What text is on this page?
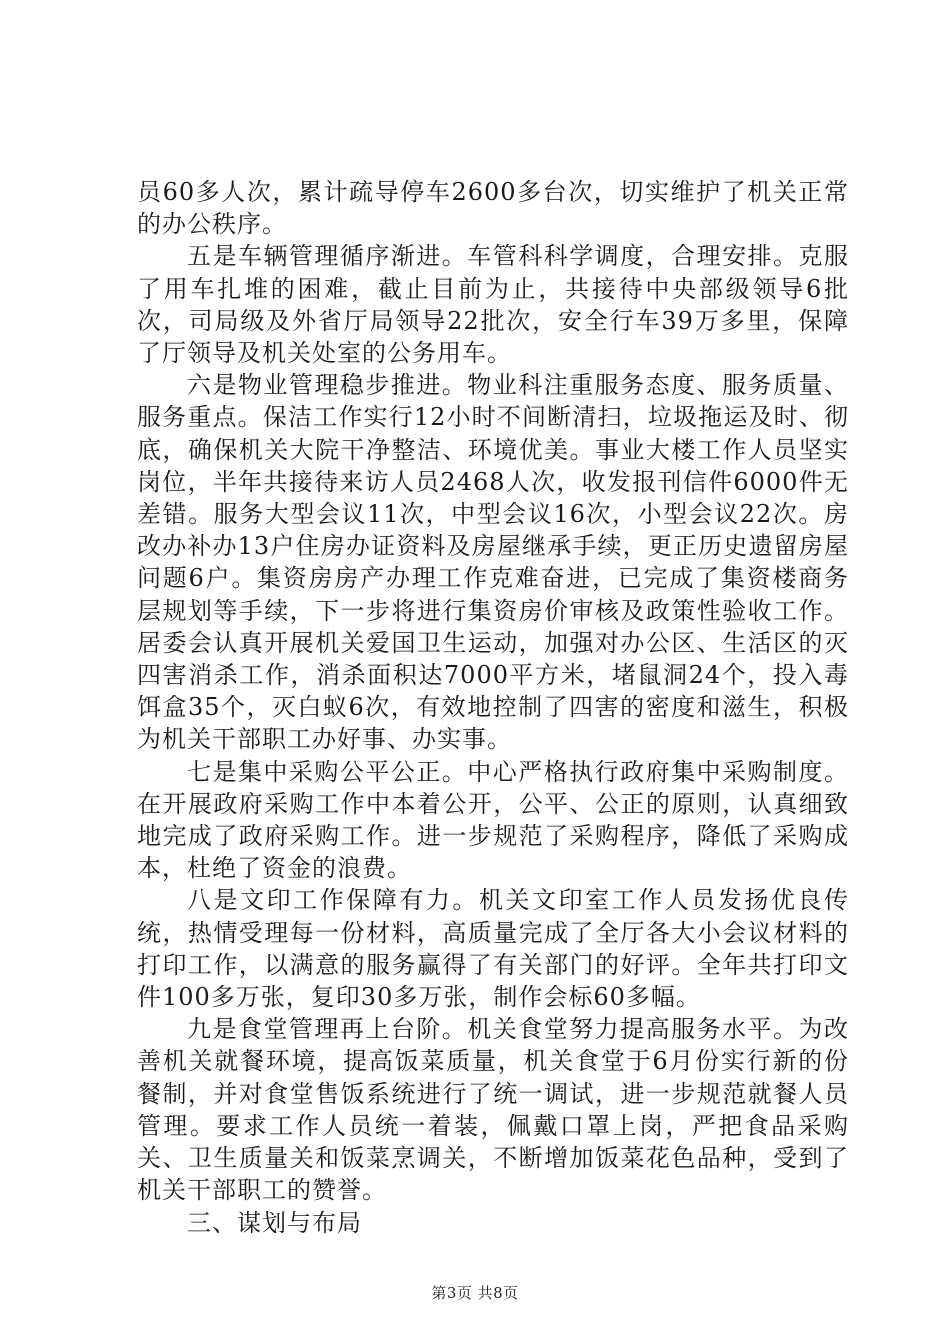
员60多人次，累计疏导停车2600多台次，切实维护了机关正常的办公秩序。

五是车辆管理循序渐进。车管科科学调度，合理安排。克服了用车扎堆的困难，截止目前为止，共接待中央部级领导6批次，司局级及外省厅局领导22批次，安全行车39万多里，保障了厅领导及机关处室的公务用车。

六是物业管理稳步推进。物业科注重服务态度、服务质量、服务重点。保洁工作实行12小时不间断清扫，垃圾拖运及时、彻底，确保机关大院干净整洁、环境优美。事业大楼工作人员坚实岗位，半年共接待来访人员2468人次，收发报刊信件6000件无差错。服务大型会议11次，中型会议16次，小型会议22次。房改办补办13户住房办证资料及房屋继承手续，更正历史遗留房屋问题6户。集资房房产办理工作克难奋进，已完成了集资楼商务层规划等手续，下一步将进行集资房价审核及政策性验收工作。居委会认真开展机关爱国卫生运动，加强对办公区、生活区的灭四害消杀工作，消杀面积达7000平方米，堵鼠洞24个，投入毒饵盒35个，灭白蚁6次，有效地控制了四害的密度和滋生，积极为机关干部职工办好事、办实事。

七是集中采购公平公正。中心严格执行政府集中采购制度。在开展政府采购工作中本着公开，公平、公正的原则，认真细致地完成了政府采购工作。进一步规范了采购程序，降低了采购成本，杜绝了资金的浪费。

八是文印工作保障有力。机关文印室工作人员发扬优良传统，热情受理每一份材料，高质量完成了全厅各大小会议材料的打印工作，以满意的服务赢得了有关部门的好评。全年共打印文件100多万张，复印30多万张，制作会标60多幅。

九是食堂管理再上台阶。机关食堂努力提高服务水平。为改善机关就餐环境，提高饭菜质量，机关食堂于6月份实行新的份餐制，并对食堂售饭系统进行了统一调试，进一步规范就餐人员管理。要求工作人员统一着装，佩戴口罩上岗，严把食品采购关、卫生质量关和饭菜烹调关，不断增加饭菜花色品种，受到了机关干部职工的赞誉。

三、谋划与布局

第3页 共8页
